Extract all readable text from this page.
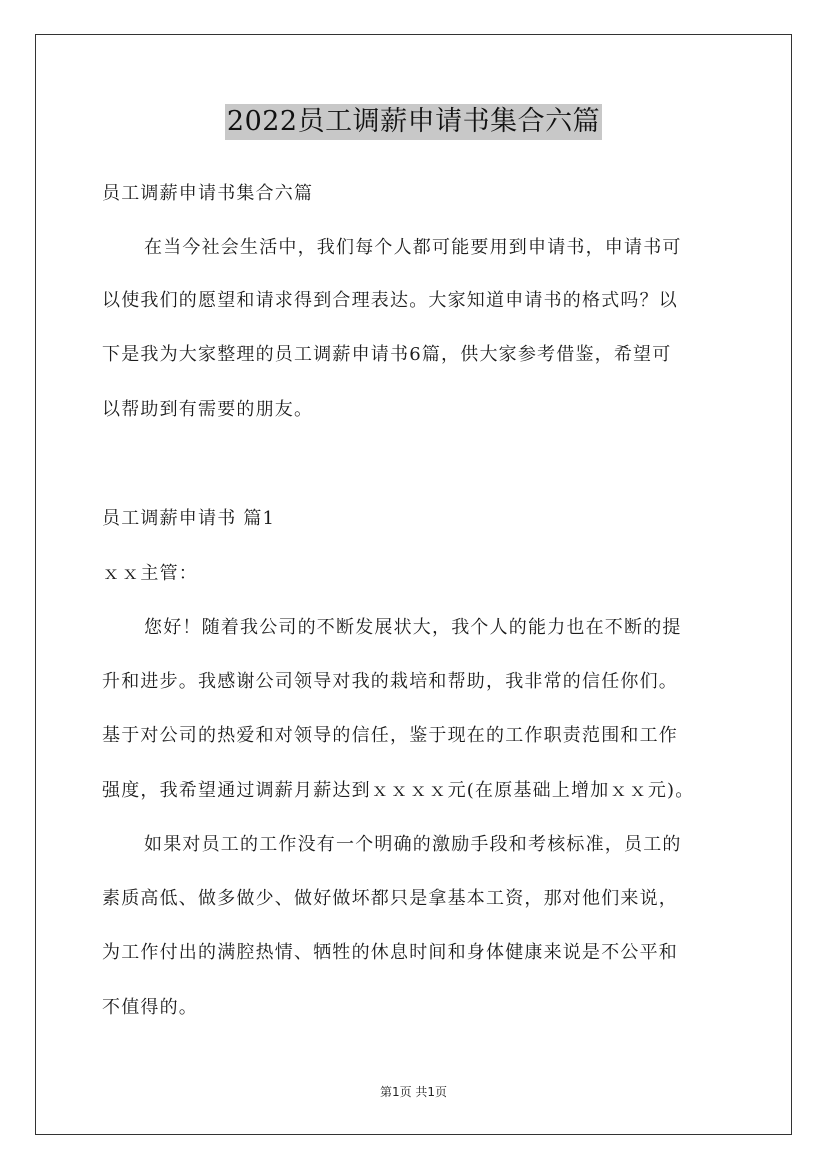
2022员工调薪申请书集合六篇
员工调薪申请书集合六篇
在当今社会生活中，我们每个人都可能要用到申请书，申请书可
以使我们的愿望和请求得到合理表达。大家知道申请书的格式吗？以
下是我为大家整理的员工调薪申请书6篇，供大家参考借鉴，希望可
以帮助到有需要的朋友。
员工调薪申请书 篇1
ｘｘ主管：
您好！随着我公司的不断发展状大，我个人的能力也在不断的提
升和进步。我感谢公司领导对我的栽培和帮助，我非常的信任你们。
基于对公司的热爱和对领导的信任，鉴于现在的工作职责范围和工作
强度，我希望通过调薪月薪达到ｘｘｘｘ元(在原基础上增加ｘｘ元)。
如果对员工的工作没有一个明确的激励手段和考核标准，员工的
素质高低、做多做少、做好做坏都只是拿基本工资，那对他们来说，
为工作付出的满腔热情、牺牲的休息时间和身体健康来说是不公平和
不值得的。
第1页 共1页
